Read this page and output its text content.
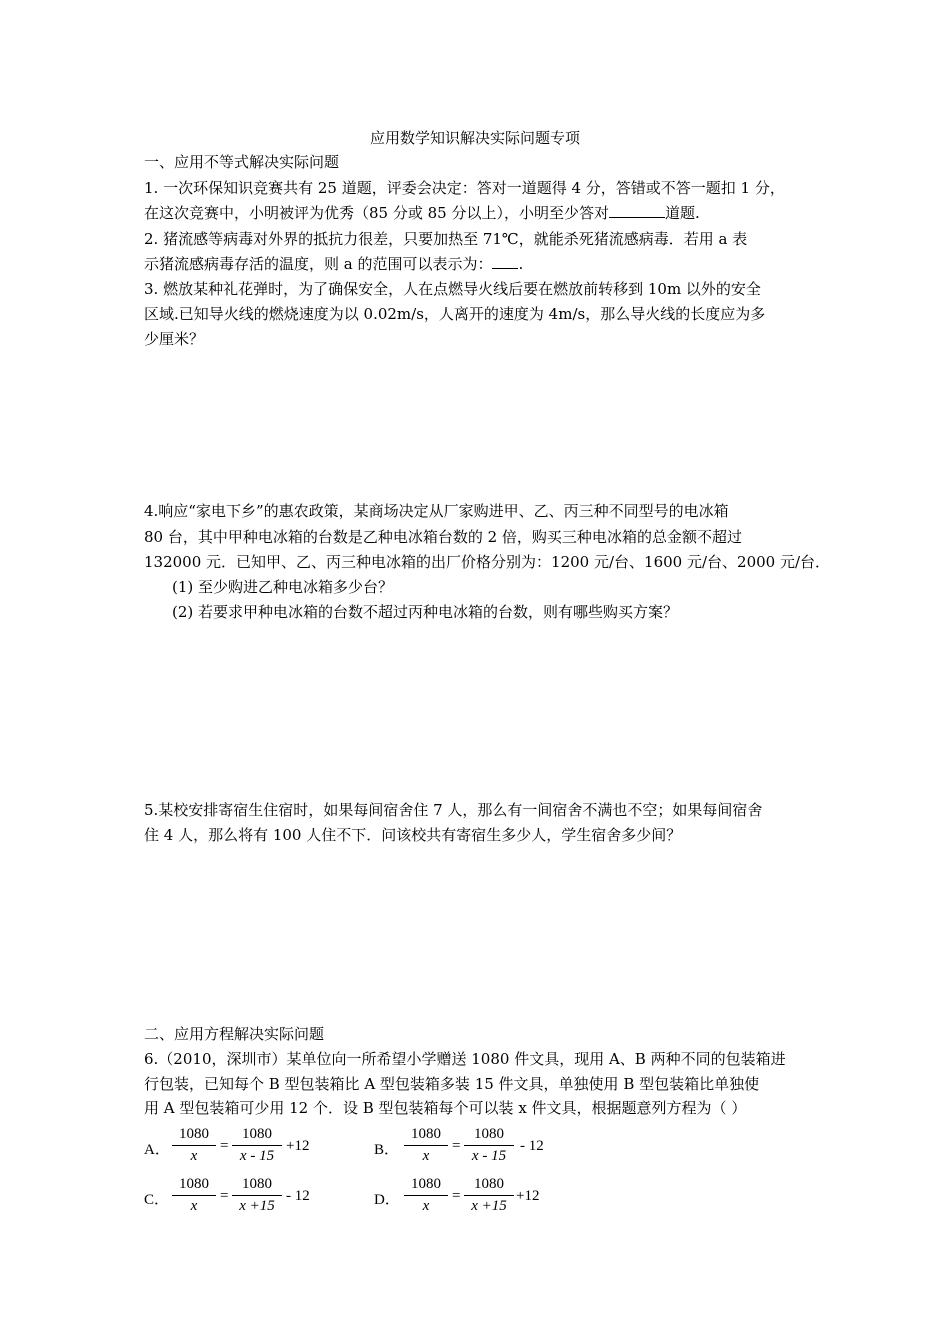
应用数学知识解决实际问题专项
一、应用不等式解决实际问题
1. 一次环保知识竞赛共有 25 道题，评委会决定：答对一道题得 4 分，答错或不答一题扣 1 分，
在这次竞赛中，小明被评为优秀（85 分或 85 分以上），小明至少答对	道题.
2. 猪流感等病毒对外界的抵抗力很差，只要加热至 71℃，就能杀死猪流感病毒．若用 a 表
示猪流感病毒存活的温度，则 a 的范围可以表示为： .
3. 燃放某种礼花弹时，为了确保安全，人在点燃导火线后要在燃放前转移到 10m 以外的安全
区域.已知导火线的燃烧速度为以 0.02m/s，人离开的速度为 4m/s，那么导火线的长度应为多
少厘米？
4.响应“家电下乡”的惠农政策，某商场决定从厂家购进甲、乙、丙三种不同型号的电冰箱
80 台，其中甲种电冰箱的台数是乙种电冰箱台数的 2 倍，购买三种电冰箱的总金额不超过
132000 元．已知甲、乙、丙三种电冰箱的出厂价格分别为：1200 元/台、1600 元/台、2000 元/台．
(1) 至少购进乙种电冰箱多少台？
(2) 若要求甲种电冰箱的台数不超过丙种电冰箱的台数，则有哪些购买方案？
5.某校安排寄宿生住宿时，如果每间宿舍住 7 人，那么有一间宿舍不满也不空；如果每间宿舍
住 4 人，那么将有 100 人住不下．问该校共有寄宿生多少人，学生宿舍多少间？
二、应用方程解决实际问题
6.（2010，深圳市）某单位向一所希望小学赠送 1080 件文具，现用 A、B 两种不同的包装箱进
行包装，已知每个 B 型包装箱比 A 型包装箱多装 15 件文具，单独使用 B 型包装箱比单独使
用 A 型包装箱可少用 12 个．设 B 型包装箱每个可以装 x 件文具，根据题意列方程为（ ）
A．
1080
x
=
1080
x - 15
+12	B．
1080
x
=
1080
x - 15
- 12
C．
1080
x
=
1080
x +15
- 12	D．
1080
x
=
1080
x +15
+12
